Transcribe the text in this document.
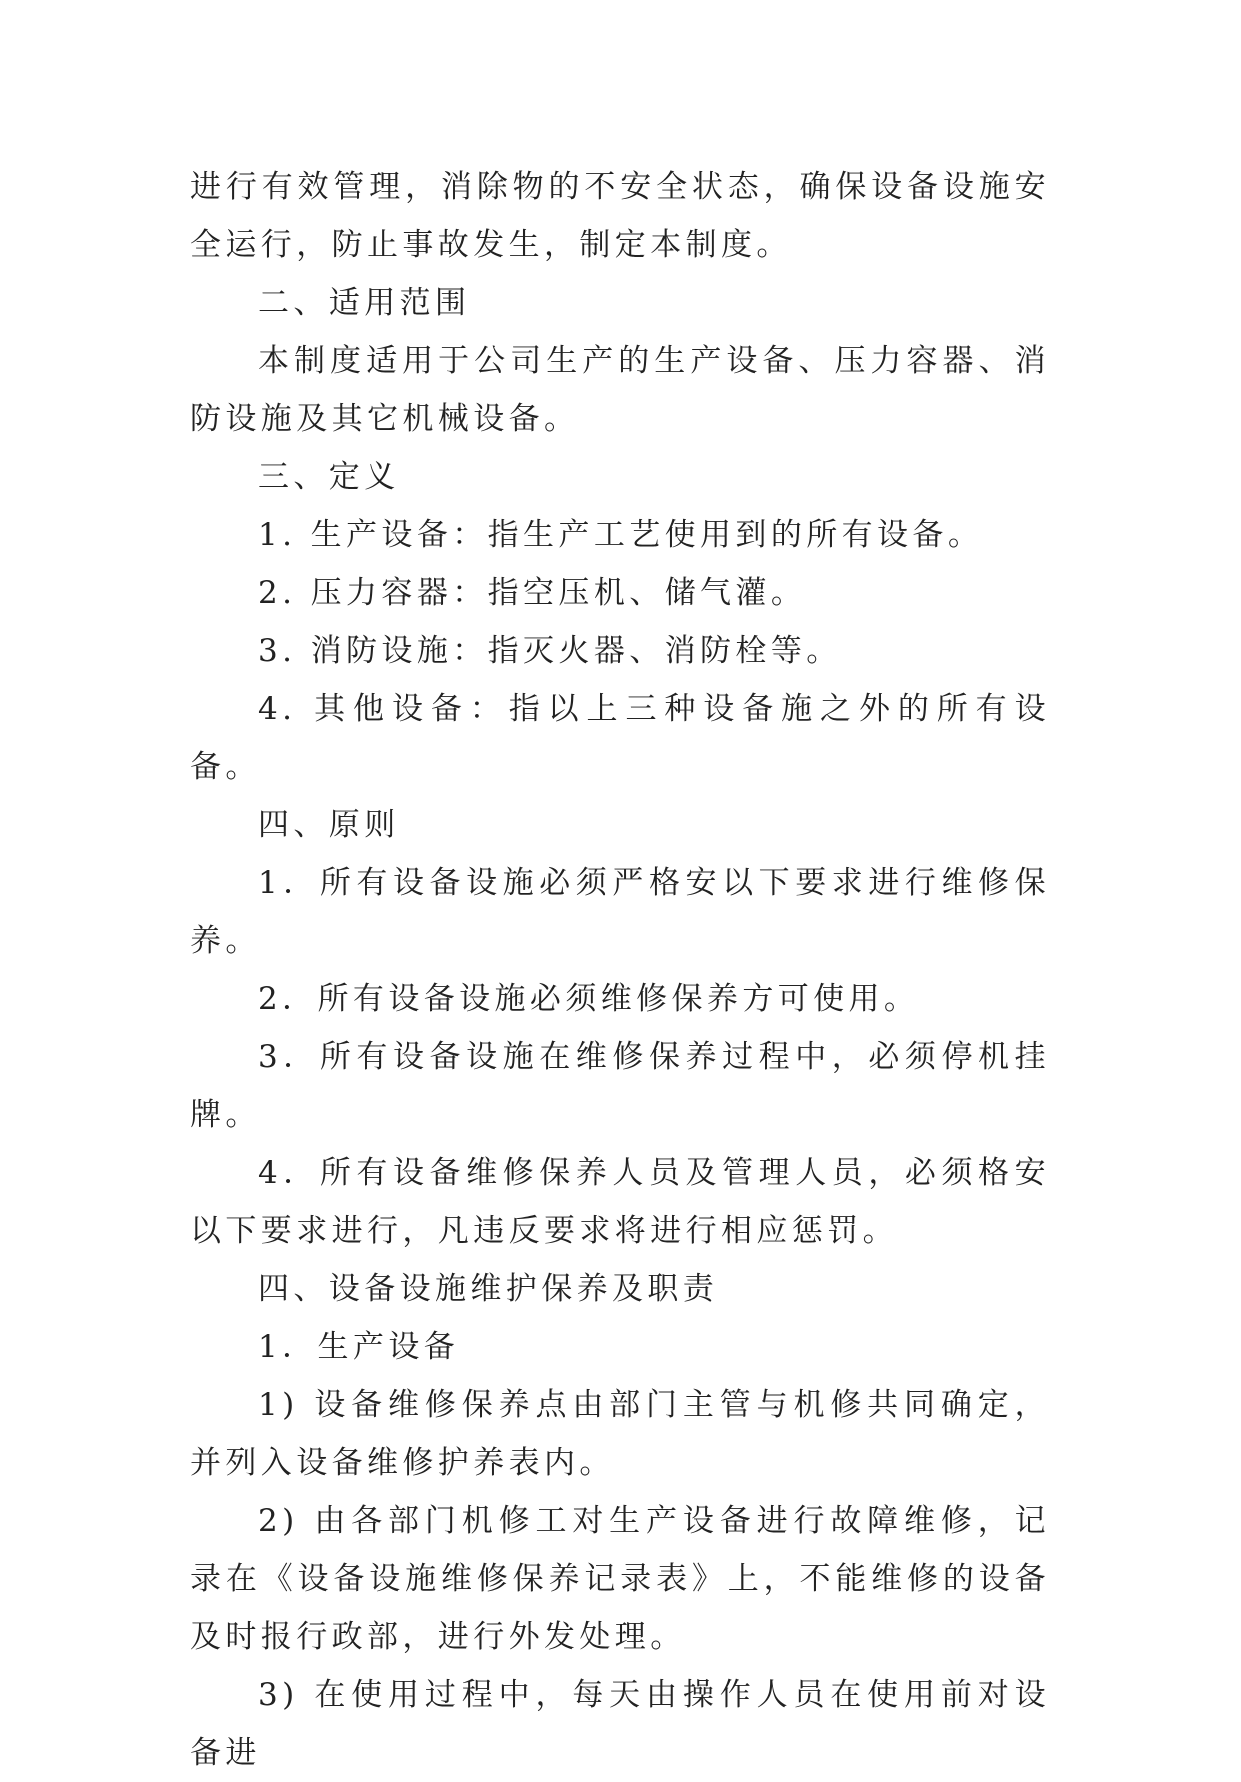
进行有效管理，消除物的不安全状态，确保设备设施安全运行，防止事故发生，制定本制度。

二、适用范围

本制度适用于公司生产的生产设备、压力容器、消防设施及其它机械设备。

三、定义

1. 生产设备：指生产工艺使用到的所有设备。

2. 压力容器：指空压机、储气灌。

3. 消防设施：指灭火器、消防栓等。

4. 其他设备：指以上三种设备施之外的所有设备。

四、原则

1．所有设备设施必须严格安以下要求进行维修保养。

2．所有设备设施必须维修保养方可使用。

3．所有设备设施在维修保养过程中，必须停机挂牌。

4．所有设备维修保养人员及管理人员，必须格安以下要求进行，凡违反要求将进行相应惩罚。

四、设备设施维护保养及职责

1．生产设备

1) 设备维修保养点由部门主管与机修共同确定，并列入设备维修护养表内。

2) 由各部门机修工对生产设备进行故障维修，记录在《设备设施维修保养记录表》上，不能维修的设备及时报行政部，进行外发处理。

3) 在使用过程中，每天由操作人员在使用前对设备进
